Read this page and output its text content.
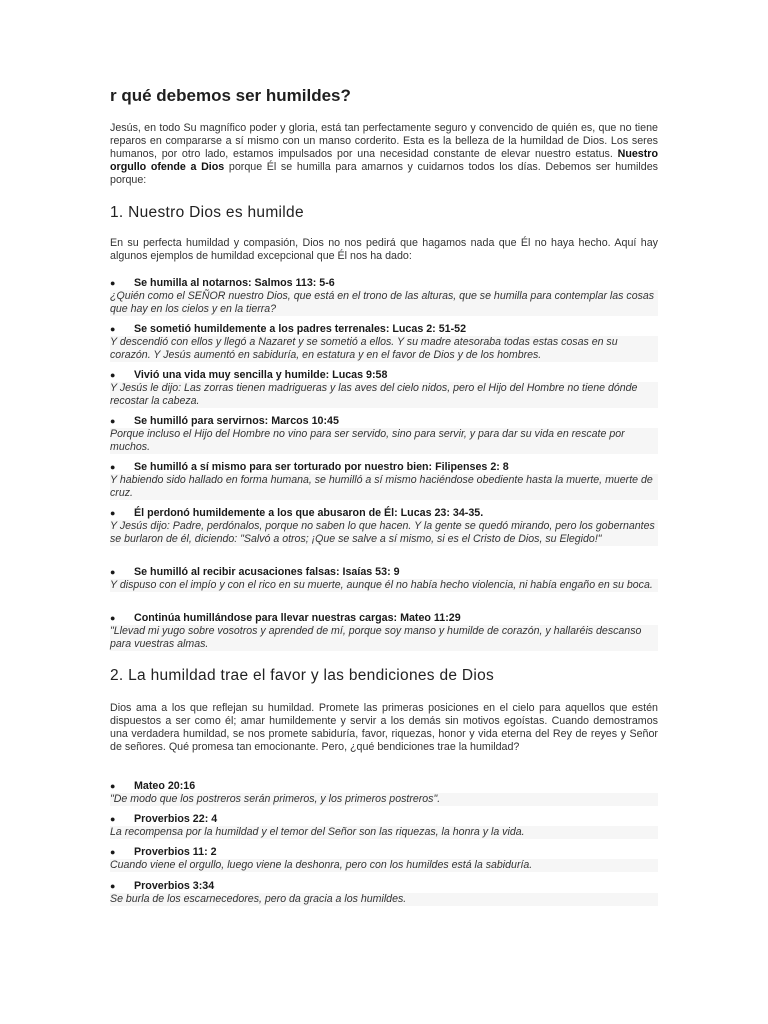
r qué debemos ser humildes?

Jesús, en todo Su magnífico poder y gloria, está tan perfectamente seguro y convencido de quién es, que no tiene reparos en compararse a sí mismo con un manso corderito. Esta es la belleza de la humildad de Dios. Los seres humanos, por otro lado, estamos impulsados por una necesidad constante de elevar nuestro estatus. Nuestro orgullo ofende a Dios porque Él se humilla para amarnos y cuidarnos todos los días. Debemos ser humildes porque:

1. Nuestro Dios es humilde

En su perfecta humildad y compasión, Dios no nos pedirá que hagamos nada que Él no haya hecho. Aquí hay algunos ejemplos de humildad excepcional que Él nos ha dado:

● Se humilla al notarnos: Salmos 113: 5-6
¿Quién como el SEÑOR nuestro Dios, que está en el trono de las alturas, que se humilla para contemplar las cosas que hay en los cielos y en la tierra?
● Se sometió humildemente a los padres terrenales: Lucas 2: 51-52
Y descendió con ellos y llegó a Nazaret y se sometió a ellos. Y su madre atesoraba todas estas cosas en su corazón. Y Jesús aumentó en sabiduría, en estatura y en el favor de Dios y de los hombres.
● Vivió una vida muy sencilla y humilde: Lucas 9:58
Y Jesús le dijo: Las zorras tienen madrigueras y las aves del cielo nidos, pero el Hijo del Hombre no tiene dónde recostar la cabeza.
● Se humilló para servirnos: Marcos 10:45
Porque incluso el Hijo del Hombre no vino para ser servido, sino para servir, y para dar su vida en rescate por muchos.
● Se humilló a sí mismo para ser torturado por nuestro bien: Filipenses 2: 8
Y habiendo sido hallado en forma humana, se humilló a sí mismo haciéndose obediente hasta la muerte, muerte de cruz.
● Él perdonó humildemente a los que abusaron de Él: Lucas 23: 34-35.
Y Jesús dijo: Padre, perdónalos, porque no saben lo que hacen. Y la gente se quedó mirando, pero los gobernantes se burlaron de él, diciendo: "Salvó a otros; ¡Que se salve a sí mismo, si es el Cristo de Dios, su Elegido!"
● Se humilló al recibir acusaciones falsas: Isaías 53: 9
Y dispuso con el impío y con el rico en su muerte, aunque él no había hecho violencia, ni había engaño en su boca.
● Continúa humillándose para llevar nuestras cargas: Mateo 11:29
"Llevad mi yugo sobre vosotros y aprended de mí, porque soy manso y humilde de corazón, y hallaréis descanso para vuestras almas.
2. La humildad trae el favor y las bendiciones de Dios

Dios ama a los que reflejan su humildad. Promete las primeras posiciones en el cielo para aquellos que estén dispuestos a ser como él; amar humildemente y servir a los demás sin motivos egoístas. Cuando demostramos una verdadera humildad, se nos promete sabiduría, favor, riquezas, honor y vida eterna del Rey de reyes y Señor de señores. Qué promesa tan emocionante. Pero, ¿qué bendiciones trae la humildad?

● Mateo 20:16
"De modo que los postreros serán primeros, y los primeros postreros".
● Proverbios 22: 4
La recompensa por la humildad y el temor del Señor son las riquezas, la honra y la vida.
● Proverbios 11: 2
Cuando viene el orgullo, luego viene la deshonra, pero con los humildes está la sabiduría.
● Proverbios 3:34
Se burla de los escarnecedores, pero da gracia a los humildes.
